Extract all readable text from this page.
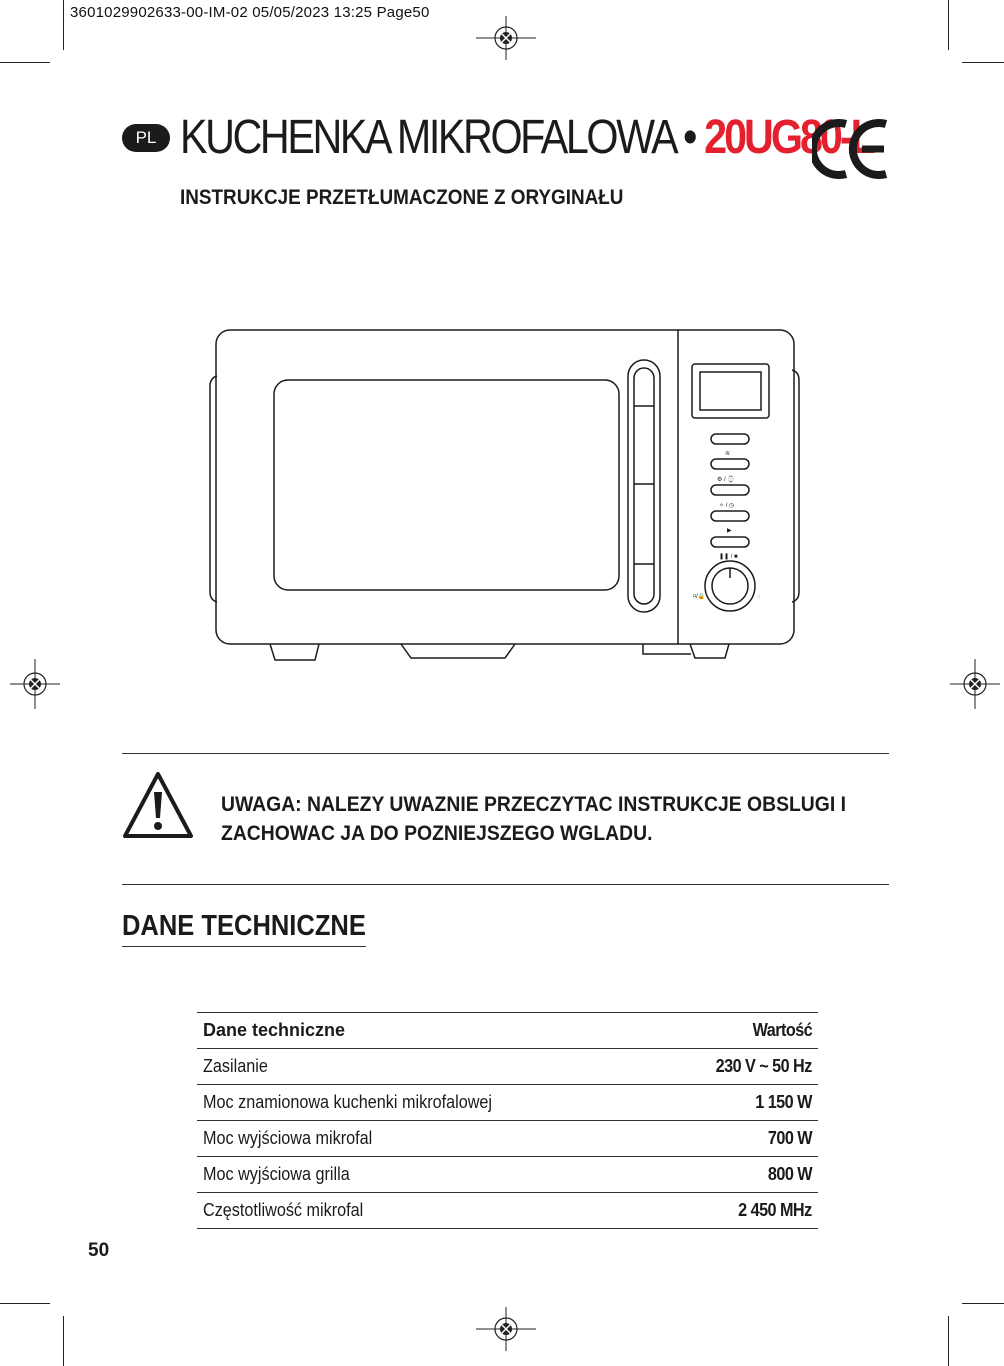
3601029902633-00-IM-02 05/05/2023 13:25 Page50
PL KUCHENKA MIKROFALOWA • 20UG80-L
INSTRUKCJE PRZETŁUMACZONE Z ORYGINAŁU
≋
⚙ / ⌚
✧ / ◷
▶
❚❚ / ■
⌑/🔒	◌
UWAGA: NALEZY UWAZNIE PRZECZYTAC INSTRUKCJE OBSLUGI I
ZACHOWAC JA DO POZNIEJSZEGO WGLADU.
DANE TECHNICZNE
Dane techniczne	Wartość
Zasilanie	230 V ~ 50 Hz
Moc znamionowa kuchenki mikrofalowej	1 150 W
Moc wyjściowa mikrofal	700 W
Moc wyjściowa grilla	800 W
Częstotliwość mikrofal	2 450 MHz
50
